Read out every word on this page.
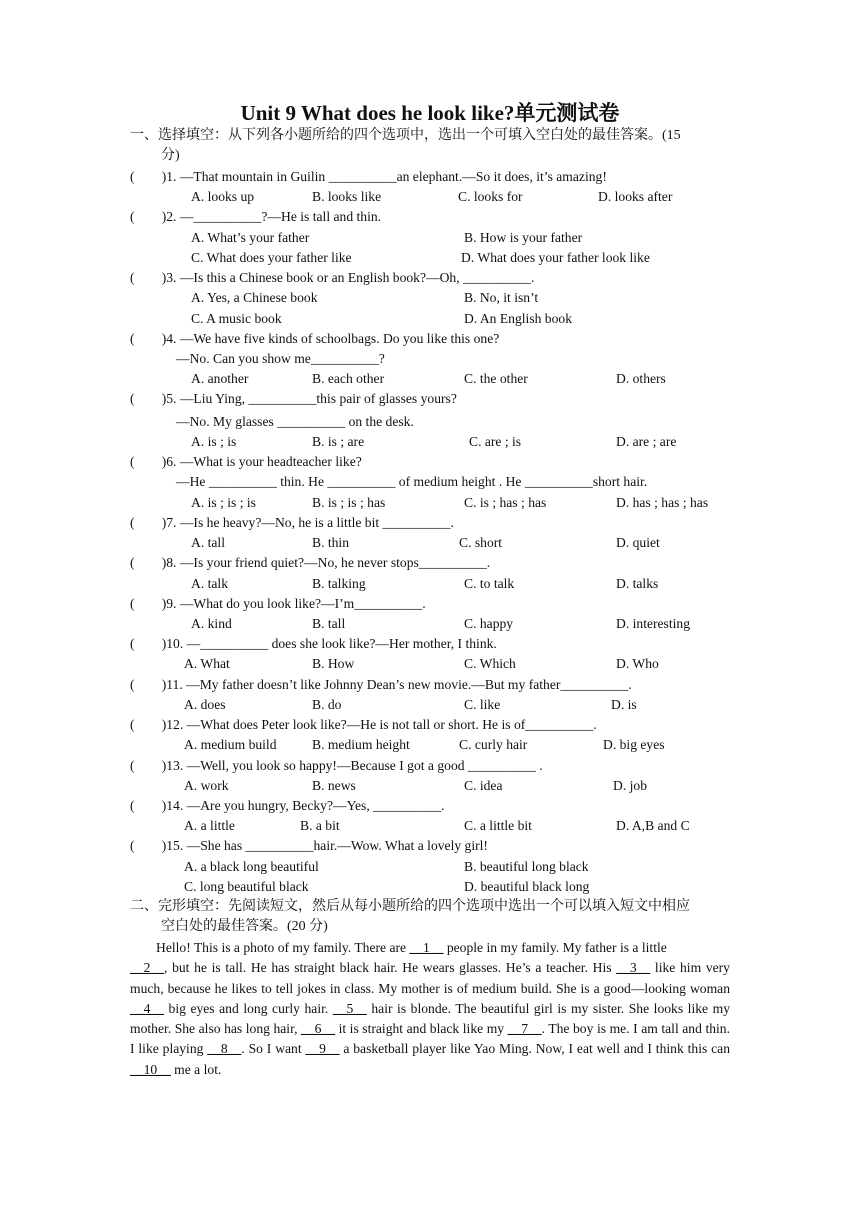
Unit 9 What does he look like?单元测试卷
一、选择填空：从下列各小题所给的四个选项中，选出一个可填入空白处的最佳答案。(15
分)
(        )1. —That mountain in Guilin __________an elephant.—So it does, it’s amazing!
A. looks up	B. looks like	C. looks for	D. looks after
(        )2. —__________?—He is tall and thin.
A. What’s your father	B. How is your father
C. What does your father like	D. What does your father look like
(        )3. —Is this a Chinese book or an English book?—Oh, __________.
A. Yes, a Chinese book	B. No, it isn’t
C. A music book	D. An English book
(        )4. —We have five kinds of schoolbags. Do you like this one?
—No. Can you show me__________?
A. another	B. each other	C. the other	D. others
(        )5. —Liu Ying, __________this pair of glasses yours?
—No. My glasses __________ on the desk.
A. is ; is	B. is ; are	C. are ; is	D. are ; are
(        )6. —What is your headteacher like?
—He __________ thin. He __________ of medium height . He __________short hair.
A. is ; is ; is	B. is ; is ; has	C. is ; has ; has	D. has ; has ; has
(        )7. —Is he heavy?—No, he is a little bit __________.
A. tall	B. thin	C. short	D. quiet
(        )8. —Is your friend quiet?—No, he never stops__________.
A. talk	B. talking	C. to talk	D. talks
(        )9. —What do you look like?—I’m__________.
A. kind	B. tall	C. happy	D. interesting
(        )10. —__________ does she look like?—Her mother, I think.
A. What	B. How	C. Which	D. Who
(        )11. —My father doesn’t like Johnny Dean’s new movie.—But my father__________.
A. does	B. do	C. like	D. is
(        )12. —What does Peter look like?—He is not tall or short. He is of__________.
A. medium build	B. medium height	C. curly hair	D. big eyes
(        )13. —Well, you look so happy!—Because I got a good __________ .
A. work	B. news	C. idea	D. job
(        )14. —Are you hungry, Becky?—Yes, __________.
A. a little	B. a bit	C. a little bit	D. A,B and C
(        )15. —She has __________hair.—Wow. What a lovely girl!
A. a black long beautiful	B. beautiful long black
C. long beautiful black	D. beautiful black long
二、完形填空：先阅读短文，然后从每小题所给的四个选项中选出一个可以填入短文中相应
空白处的最佳答案。(20 分)

Hello! This is a photo of my family. There are __1__ people in my family. My father is a little

__2__, but he is tall. He has straight black hair. He wears glasses. He’s a teacher. His __3__ like him very much, because he likes to tell jokes in class. My mother is of medium build. She is a good—looking woman __4__ big eyes and long curly hair. __5__ hair is blonde. The beautiful girl is my sister. She looks like my mother. She also has long hair, __6__ it is straight and black like my __7__. The boy is me. I am tall and thin. I like playing __8__. So I want __9__ a basketball player like Yao Ming. Now, I eat well and I think this can __10__ me a lot.
